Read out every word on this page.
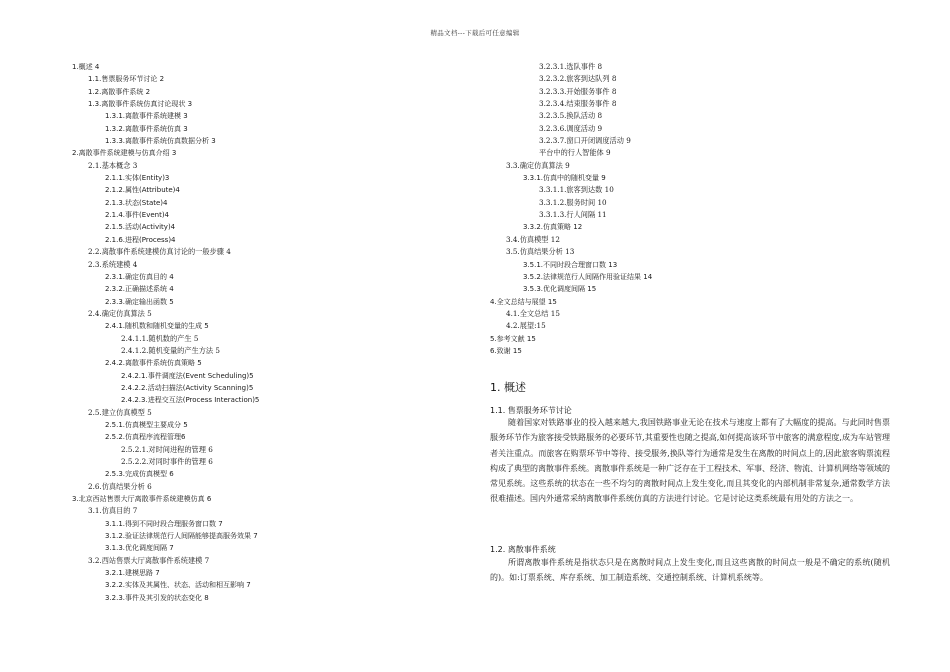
精品文档---下载后可任意编辑
1.概述 4
1.1.售票服务环节讨论 2
1.2.离散事件系统 2
1.3.离散事件系统仿真讨论现状 3
1.3.1.离散事件系统建模 3
1.3.2.离散事件系统仿真 3
1.3.3.离散事件系统仿真数据分析 3
2.离散事件系统建模与仿真介绍 3
2.1.基本概念 3
2.1.1.实体(Entity)3
2.1.2.属性(Attribute)4
2.1.3.状态(State)4
2.1.4.事件(Event)4
2.1.5.活动(Activity)4
2.1.6.进程(Process)4
2.2.离散事件系统建模仿真讨论的一般步骤 4
2.3.系统建模 4
2.3.1.确定仿真目的 4
2.3.2.正确描述系统 4
2.3.3.确定输出函数 5
2.4.确定仿真算法 5
2.4.1.随机数和随机变量的生成 5
2.4.1.1.随机数的产生 5
2.4.1.2.随机变量的产生方法 5
2.4.2.离散事件系统仿真策略 5
2.4.2.1.事件调度法(Event Scheduling)5
2.4.2.2.活动扫描法(Activity Scanning)5
2.4.2.3.进程交互法(Process Interaction)5
2.5.建立仿真模型 5
2.5.1.仿真模型主要成分 5
2.5.2.仿真程序流程管理6
2.5.2.1.对时间进程的管理 6
2.5.2.2.对同时事件的管理 6
2.5.3.完成仿真模型 6
2.6.仿真结果分析 6
3.北京西站售票大厅离散事件系统建模仿真 6
3.1.仿真目的 7
3.1.1.得到不同时段合理服务窗口数 7
3.1.2.验证法律规范行人间隔能够提高服务效果 7
3.1.3.优化调度间隔 7
3.2.西站售票大厅离散事件系统建模 7
3.2.1.建模思路 7
3.2.2.实体及其属性、状态、活动和相互影响 7
3.2.3.事件及其引发的状态变化 8
3.2.3.1.选队事件 8
3.2.3.2.旅客到达队列 8
3.2.3.3.开始服务事件 8
3.2.3.4.结束服务事件 8
3.2.3.5.换队活动 8
3.2.3.6.调度活动 9
3.2.3.7.窗口开闭调度活动 9
平台中的行人智能体 9
3.3.确定仿真算法 9
3.3.1.仿真中的随机变量 9
3.3.1.1.旅客到达数 10
3.3.1.2.服务时间 10
3.3.1.3.行人间隔 11
3.3.2.仿真策略 12
3.4.仿真模型 12
3.5.仿真结果分析 13
3.5.1.不同时段合理窗口数 13
3.5.2.法律规范行人间隔作用验证结果 14
3.5.3.优化调度间隔 15
4.全文总结与展望 15
4.1.全文总结 15
4.2.展望:15
5.参考文献 15
6.致谢 15
1. 概述
1.1. 售票服务环节讨论
随着国家对铁路事业的投入越来越大,我国铁路事业无论在技术与速度上都有了大幅度的提高。与此同时售票服务环节作为旅客接受铁路服务的必要环节,其重要性也随之提高,如何提高该环节中旅客的满意程度,成为车站管理者关注重点。而旅客在购票环节中等待、接受服务,换队等行为通常是发生在离散的时间点上的,因此旅客购票流程构成了典型的离散事件系统。离散事件系统是一种广泛存在于工程技术、军事、经济、物流、计算机网络等领域的常见系统。这些系统的状态在一些不均匀的离散时间点上发生变化,而且其变化的内部机制非常复杂,通常数学方法很难描述。国内外通常采纳离散事件系统仿真的方法进行讨论。它是讨论这类系统最有用处的方法之一。
1.2. 离散事件系统
所谓离散事件系统是指状态只是在离散时间点上发生变化,而且这些离散的时间点一般是不确定的系统(随机的)。如:订票系统、库存系统、加工制造系统、交通控制系统、计算机系统等。
